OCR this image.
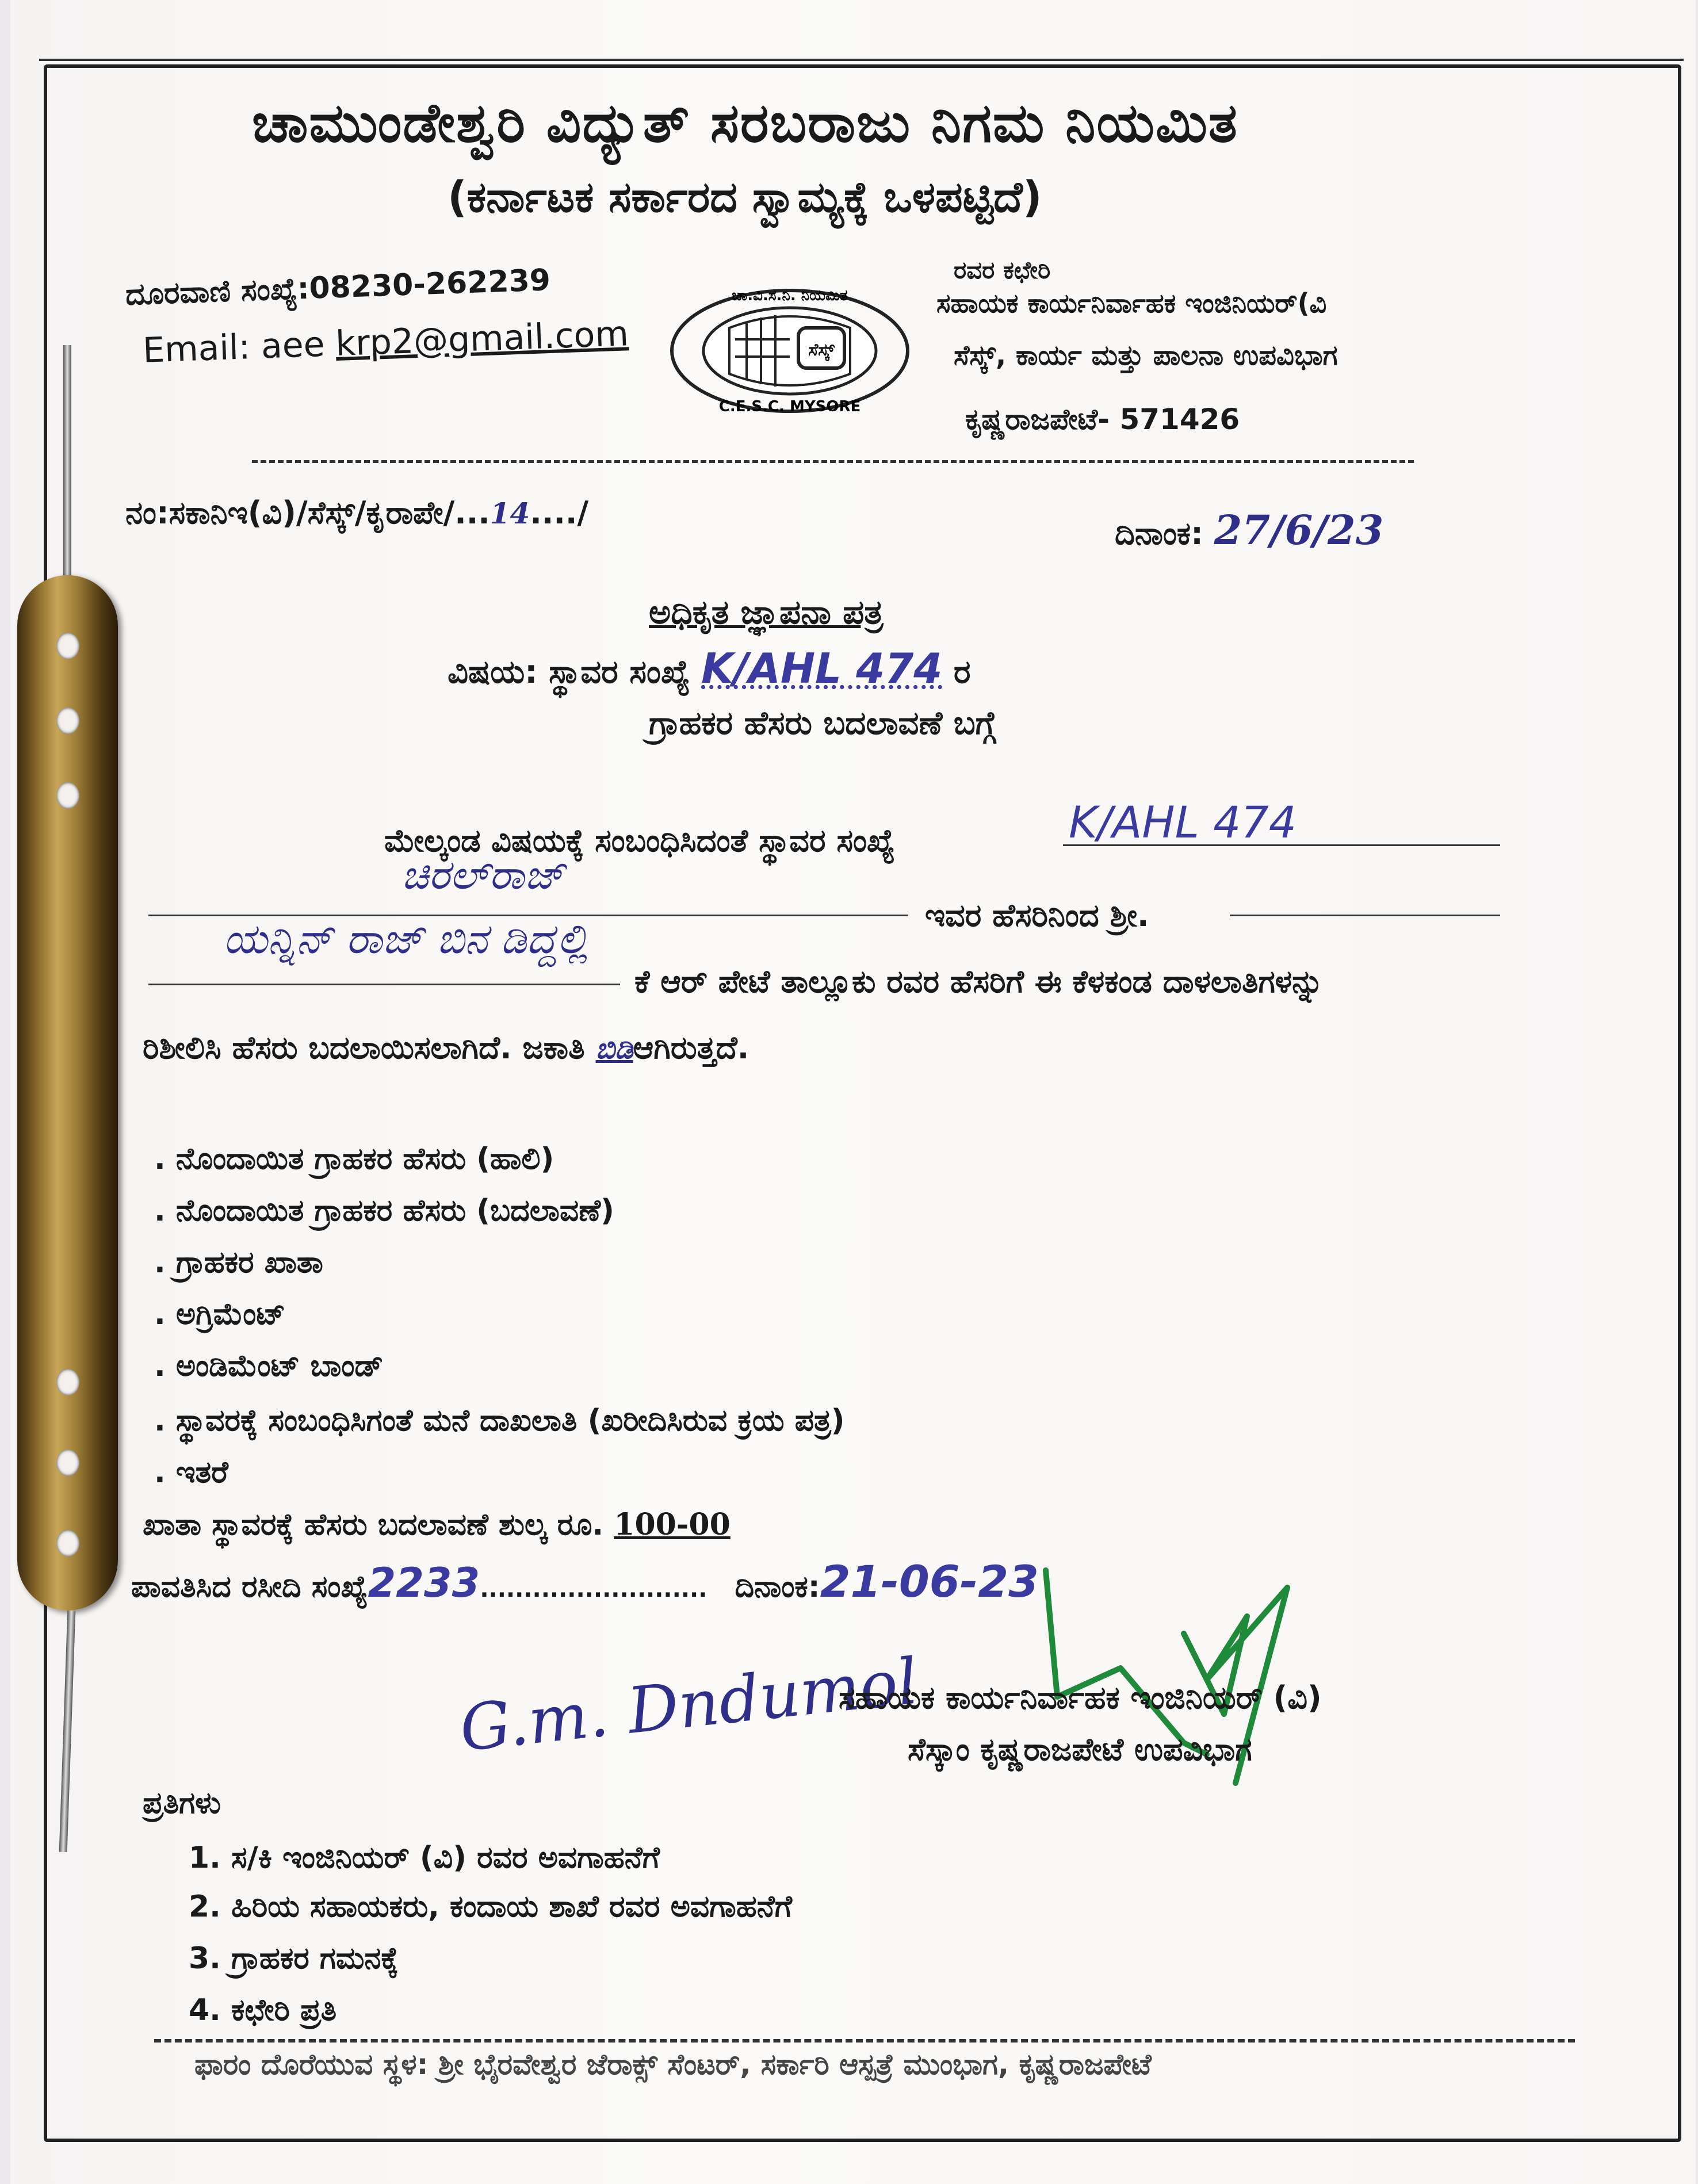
ಚಾಮುಂಡೇಶ್ವರಿ ವಿದ್ಯುತ್ ಸರಬರಾಜು ನಿಗಮ ನಿಯಮಿತ
(ಕರ್ನಾಟಕ ಸರ್ಕಾರದ ಸ್ವಾಮ್ಯಕ್ಕೆ ಒಳಪಟ್ಟಿದೆ)
ದೂರವಾಣಿ ಸಂಖ್ಯೆ:08230-262239
Email: aee krp2@gmail.com	ಸೆಸ್ಕ್
ಚಾ.ವಿ.ಸ.ನಿ. ನಿಯಮಿತ
C.E.S.C. MYSORE
ರವರ ಕಛೇರಿ
ಸಹಾಯಕ ಕಾರ್ಯನಿರ್ವಾಹಕ ಇಂಜಿನಿಯರ್(ವಿ
ಸೆಸ್ಕ್, ಕಾರ್ಯ ಮತ್ತು ಪಾಲನಾ ಉಪವಿಭಾಗ
ಕೃಷ್ಣರಾಜಪೇಟೆ- 571426
ನಂ:ಸಕಾನಿಇ(ವಿ)/ಸೆಸ್ಕ್/ಕೃರಾಪೇ/...14..../
ದಿನಾಂಕ: 27/6/23
ಅಧಿಕೃತ ಜ್ಞಾಪನಾ ಪತ್ರ
ವಿಷಯ: ಸ್ಥಾವರ ಸಂಖ್ಯೆ K/AHL 474 ರ
ಗ್ರಾಹಕರ ಹೆಸರು ಬದಲಾವಣೆ ಬಗ್ಗೆ
ಮೇಲ್ಕಂಡ ವಿಷಯಕ್ಕೆ ಸಂಬಂಧಿಸಿದಂತೆ ಸ್ಥಾವರ ಸಂಖ್ಯೆ	K/AHL 474
ಚಿರಲ್‌ರಾಜ್
ಇವರ ಹೆಸರಿನಿಂದ ಶ್ರೀ.
ಯನ್ನಿನ್ ರಾಜ್ ಬಿನ ಡಿದ್ದಲ್ಲಿ
ಕೆ ಆರ್ ಪೇಟೆ ತಾಲ್ಲೂಕು ರವರ ಹೆಸರಿಗೆ ಈ ಕೆಳಕಂಡ ದಾಳಲಾತಿಗಳನ್ನು
ರಿಶೀಲಿಸಿ ಹೆಸರು ಬದಲಾಯಿಸಲಾಗಿದೆ. ಜಕಾತಿ ಬಿಡಿಆಗಿರುತ್ತದೆ.
. ನೊಂದಾಯಿತ ಗ್ರಾಹಕರ ಹೆಸರು (ಹಾಲಿ)
. ನೊಂದಾಯಿತ ಗ್ರಾಹಕರ ಹೆಸರು (ಬದಲಾವಣೆ)
. ಗ್ರಾಹಕರ ಖಾತಾ
. ಅಗ್ರಿಮೆಂಟ್
. ಅಂಡಿಮೆಂಟ್ ಬಾಂಡ್
. ಸ್ಥಾವರಕ್ಕೆ ಸಂಬಂಧಿಸಿಗಂತೆ ಮನೆ ದಾಖಲಾತಿ (ಖರೀದಿಸಿರುವ ಕ್ರಯ ಪತ್ರ)
. ಇತರೆ
ಖಾತಾ ಸ್ಥಾವರಕ್ಕೆ ಹೆಸರು ಬದಲಾವಣೆ ಶುಲ್ಕ ರೂ. 100-00
ಪಾವತಿಸಿದ ರಸೀದಿ ಸಂಖ್ಯೆ2233.......................... ದಿನಾಂಕ:21-06-23
G.m. Dndumol
ಸಹಾಯಕ ಕಾರ್ಯನಿರ್ವಾಹಕ ಇಂಜಿನಿಯರ್ (ವಿ)
ಸೆಸ್ಕಾಂ ಕೃಷ್ಣರಾಜಪೇಟೆ ಉಪವಿಭಾಗ
ಪ್ರತಿಗಳು
1. ಸ/ಕಿ ಇಂಜಿನಿಯರ್ (ವಿ) ರವರ ಅವಗಾಹನೆಗೆ
2. ಹಿರಿಯ ಸಹಾಯಕರು, ಕಂದಾಯ ಶಾಖೆ ರವರ ಅವಗಾಹನೆಗೆ
3. ಗ್ರಾಹಕರ ಗಮನಕ್ಕೆ
4. ಕಛೇರಿ ಪ್ರತಿ
ಫಾರಂ ದೊರೆಯುವ ಸ್ಥಳ: ಶ್ರೀ ಭೈರವೇಶ್ವರ ಜೆರಾಕ್ಸ್ ಸೆಂಟರ್, ಸರ್ಕಾರಿ ಆಸ್ಪತ್ರೆ ಮುಂಭಾಗ, ಕೃಷ್ಣರಾಜಪೇಟೆ
